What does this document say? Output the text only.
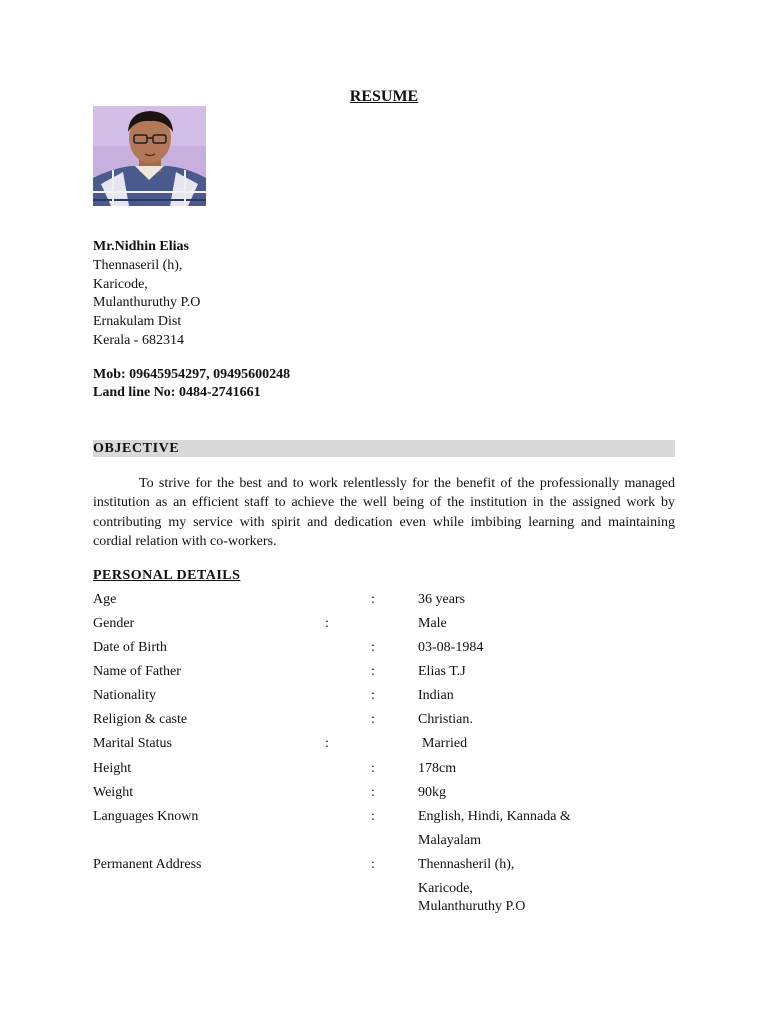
RESUME
Mr.Nidhin Elias
Thennaseril (h),
Karicode,
Mulanthuruthy P.O
Ernakulam Dist
Kerala - 682314
Mob: 09645954297, 09495600248
Land line No: 0484-2741661
OBJECTIVE
To strive for the best and to work relentlessly for the benefit of the professionally managed institution as an efficient staff to achieve the well being of the institution in the assigned work by contributing my service with spirit and dedication even while imbibing learning and maintaining cordial relation with co-workers.
PERSONAL DETAILS
Age	:	36 years
Gender	:	Male
Date of Birth	:	03-08-1984
Name of Father	:	Elias T.J
Nationality	:	Indian
Religion & caste	:	Christian.
Marital Status	:	Married
Height	:	178cm
Weight	:	90kg
Languages Known	:	English, Hindi, Kannada &
Malayalam
Permanent Address	:	Thennasheril (h),
Karicode,
Mulanthuruthy P.O
